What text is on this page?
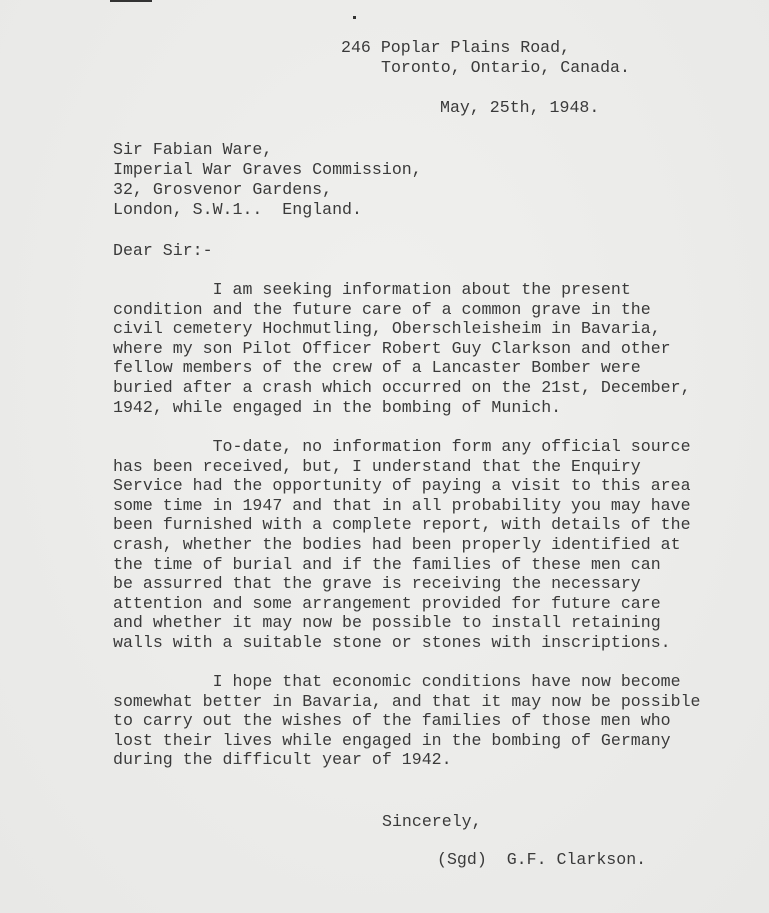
246 Poplar Plains Road,
Toronto, Ontario, Canada.
May, 25th, 1948.
Sir Fabian Ware,
Imperial War Graves Commission,
32, Grosvenor Gardens,
London, S.W.1..  England.
Dear Sir:-
I am seeking information about the present
condition and the future care of a common grave in the
civil cemetery Hochmutling, Oberschleisheim in Bavaria,
where my son Pilot Officer Robert Guy Clarkson and other
fellow members of the crew of a Lancaster Bomber were
buried after a crash which occurred on the 21st, December,
1942, while engaged in the bombing of Munich.
To-date, no information form any official source
has been received, but, I understand that the Enquiry
Service had the opportunity of paying a visit to this area
some time in 1947 and that in all probability you may have
been furnished with a complete report, with details of the
crash, whether the bodies had been properly identified at
the time of burial and if the families of these men can
be assurred that the grave is receiving the necessary
attention and some arrangement provided for future care
and whether it may now be possible to install retaining
walls with a suitable stone or stones with inscriptions.
I hope that economic conditions have now become
somewhat better in Bavaria, and that it may now be possible
to carry out the wishes of the families of those men who
lost their lives while engaged in the bombing of Germany
during the difficult year of 1942.
Sincerely,
(Sgd)  G.F. Clarkson.
